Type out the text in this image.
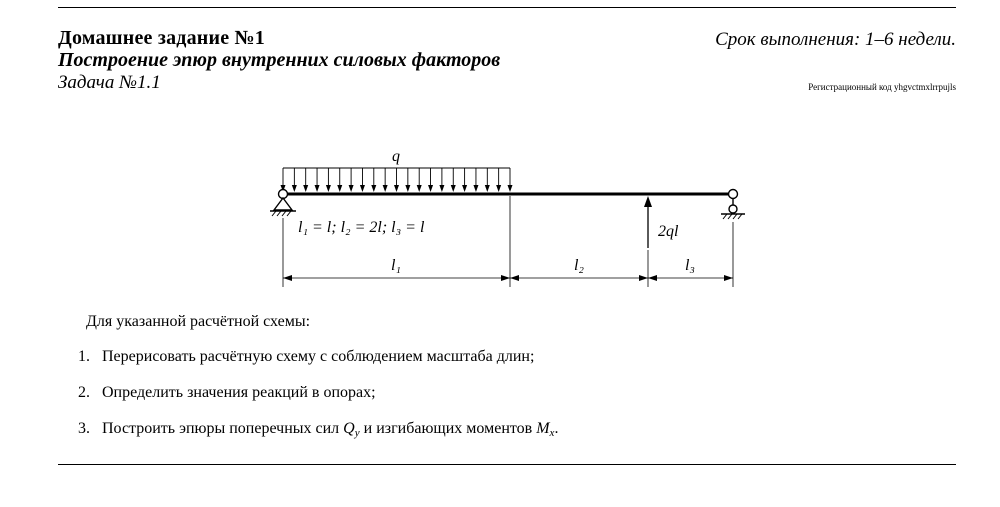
Домашнее задание №1
Построение эпюр внутренних силовых факторов
Задача №1.1
Срок выполнения: 1–6 недели.
Регистрационный код yhgvctmxlrrpujls
q
2ql
l₁ = l; l₂ = 2l; l₃ = l
l₁	l₂	l₃
Для указанной расчётной схемы:
1. Перерисовать расчётную схему с соблюдением масштаба длин;
2. Определить значения реакций в опорах;
3. Построить эпюры поперечных сил $Q_y$ и изгибающих моментов $M_x$.
